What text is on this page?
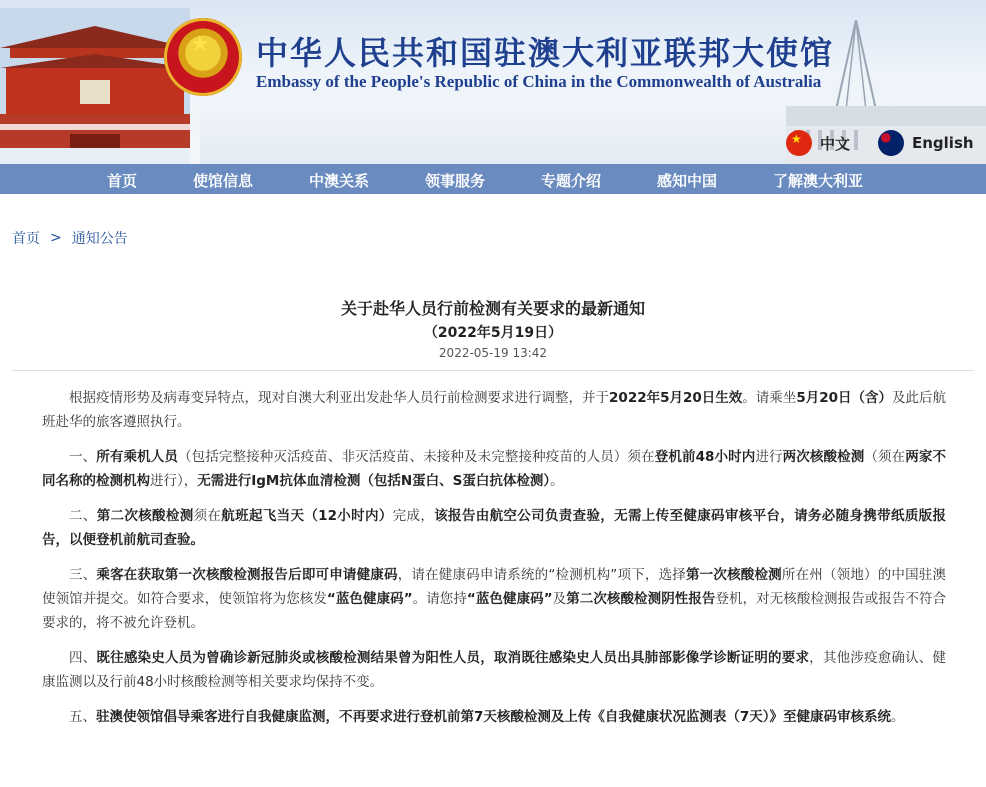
★ 中华人民共和国驻澳大利亚联邦大使馆
Embassy of the People's Republic of China in the Commonwealth of Australia
★
中文	English
首页	使馆信息	中澳关系	领事服务	专题介绍	感知中国	了解澳大利亚
首页 > 通知公告
关于赴华人员行前检测有关要求的最新通知
（2022年5月19日）
2022-05-19 13:42

根据疫情形势及病毒变异特点，现对自澳大利亚出发赴华人员行前检测要求进行调整，并于2022年5月20日生效。请乘坐5月20日（含）及此后航班赴华的旅客遵照执行。

一、所有乘机人员（包括完整接种灭活疫苗、非灭活疫苗、未接种及未完整接种疫苗的人员）须在登机前48小时内进行两次核酸检测（须在两家不同名称的检测机构进行），无需进行IgM抗体血清检测（包括N蛋白、S蛋白抗体检测）。

二、第二次核酸检测须在航班起飞当天（12小时内）完成，该报告由航空公司负责查验，无需上传至健康码审核平台，请务必随身携带纸质版报告，以便登机前航司查验。

三、乘客在获取第一次核酸检测报告后即可申请健康码，请在健康码申请系统的“检测机构”项下，选择第一次核酸检测所在州（领地）的中国驻澳使领馆并提交。如符合要求，使领馆将为您核发“蓝色健康码”。请您持“蓝色健康码”及第二次核酸检测阴性报告登机，对无核酸检测报告或报告不符合要求的，将不被允许登机。

四、既往感染史人员为曾确诊新冠肺炎或核酸检测结果曾为阳性人员，取消既往感染史人员出具肺部影像学诊断证明的要求，其他涉疫愈确认、健康监测以及行前48小时核酸检测等相关要求均保持不变。

五、驻澳使领馆倡导乘客进行自我健康监测，不再要求进行登机前第7天核酸检测及上传《自我健康状况监测表（7天）》至健康码审核系统。
